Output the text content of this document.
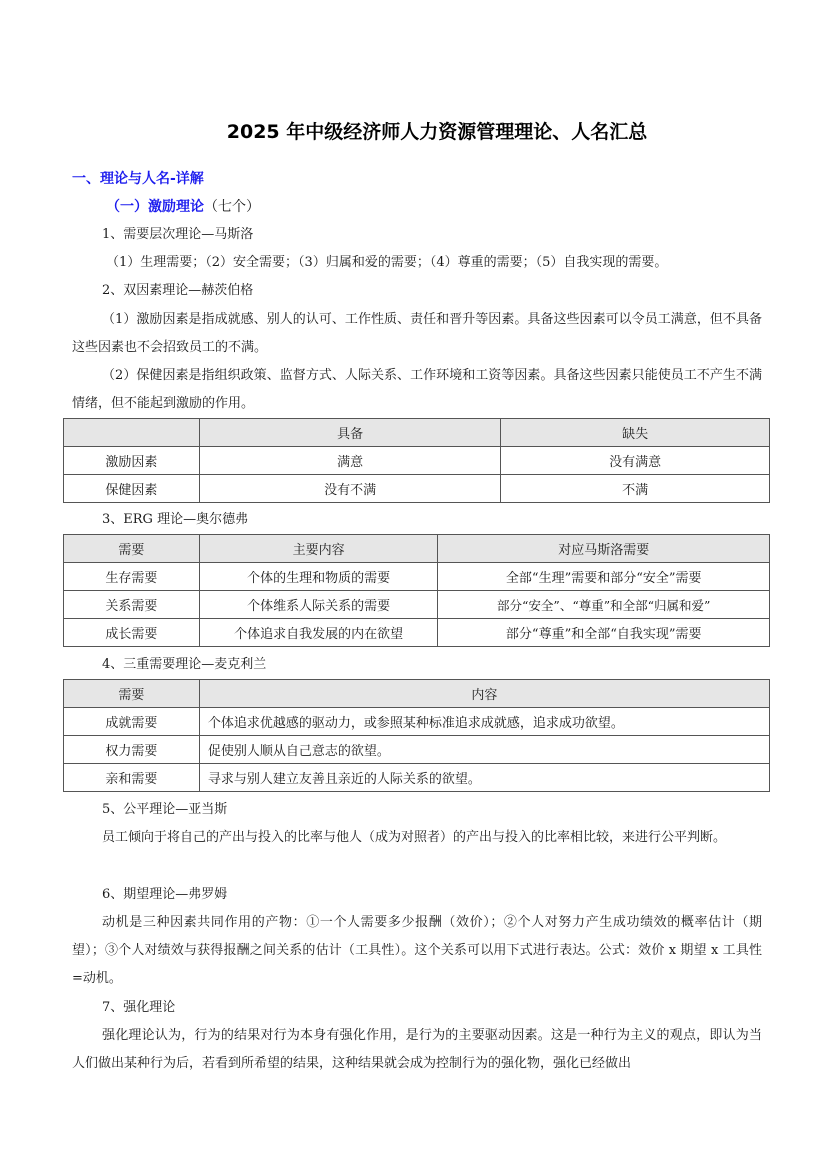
2025 年中级经济师人力资源管理理论、人名汇总
一、理论与人名-详解
（一）激励理论（七个）
1、需要层次理论—马斯洛
（1）生理需要；（2）安全需要；（3）归属和爱的需要；（4）尊重的需要；（5）自我实现的需要。
2、双因素理论—赫茨伯格
（1）激励因素是指成就感、别人的认可、工作性质、责任和晋升等因素。具备这些因素可以令员工满意，但不具备这些因素也不会招致员工的不满。
（2）保健因素是指组织政策、监督方式、人际关系、工作环境和工资等因素。具备这些因素只能使员工不产生不满情绪，但不能起到激励的作用。
	具备	缺失
激励因素	满意	没有满意
保健因素	没有不满	不满
3、ERG 理论—奥尔德弗
需要	主要内容	对应马斯洛需要
生存需要	个体的生理和物质的需要	全部“生理”需要和部分“安全”需要
关系需要	个体维系人际关系的需要	部分“安全”、“尊重”和全部“归属和爱”
成长需要	个体追求自我发展的内在欲望	部分“尊重”和全部“自我实现”需要
4、三重需要理论—麦克利兰
需要	内容
成就需要	个体追求优越感的驱动力，或参照某种标准追求成就感，追求成功欲望。
权力需要	促使别人顺从自己意志的欲望。
亲和需要	寻求与别人建立友善且亲近的人际关系的欲望。
5、公平理论—亚当斯
员工倾向于将自己的产出与投入的比率与他人（成为对照者）的产出与投入的比率相比较，来进行公平判断。
6、期望理论—弗罗姆
动机是三种因素共同作用的产物：①一个人需要多少报酬（效价）；②个人对努力产生成功绩效的概率估计（期望）；③个人对绩效与获得报酬之间关系的估计（工具性）。这个关系可以用下式进行表达。公式：效价 x 期望 x 工具性=动机。
7、强化理论
强化理论认为，行为的结果对行为本身有强化作用，是行为的主要驱动因素。这是一种行为主义的观点，即认为当人们做出某种行为后，若看到所希望的结果，这种结果就会成为控制行为的强化物，强化已经做出
